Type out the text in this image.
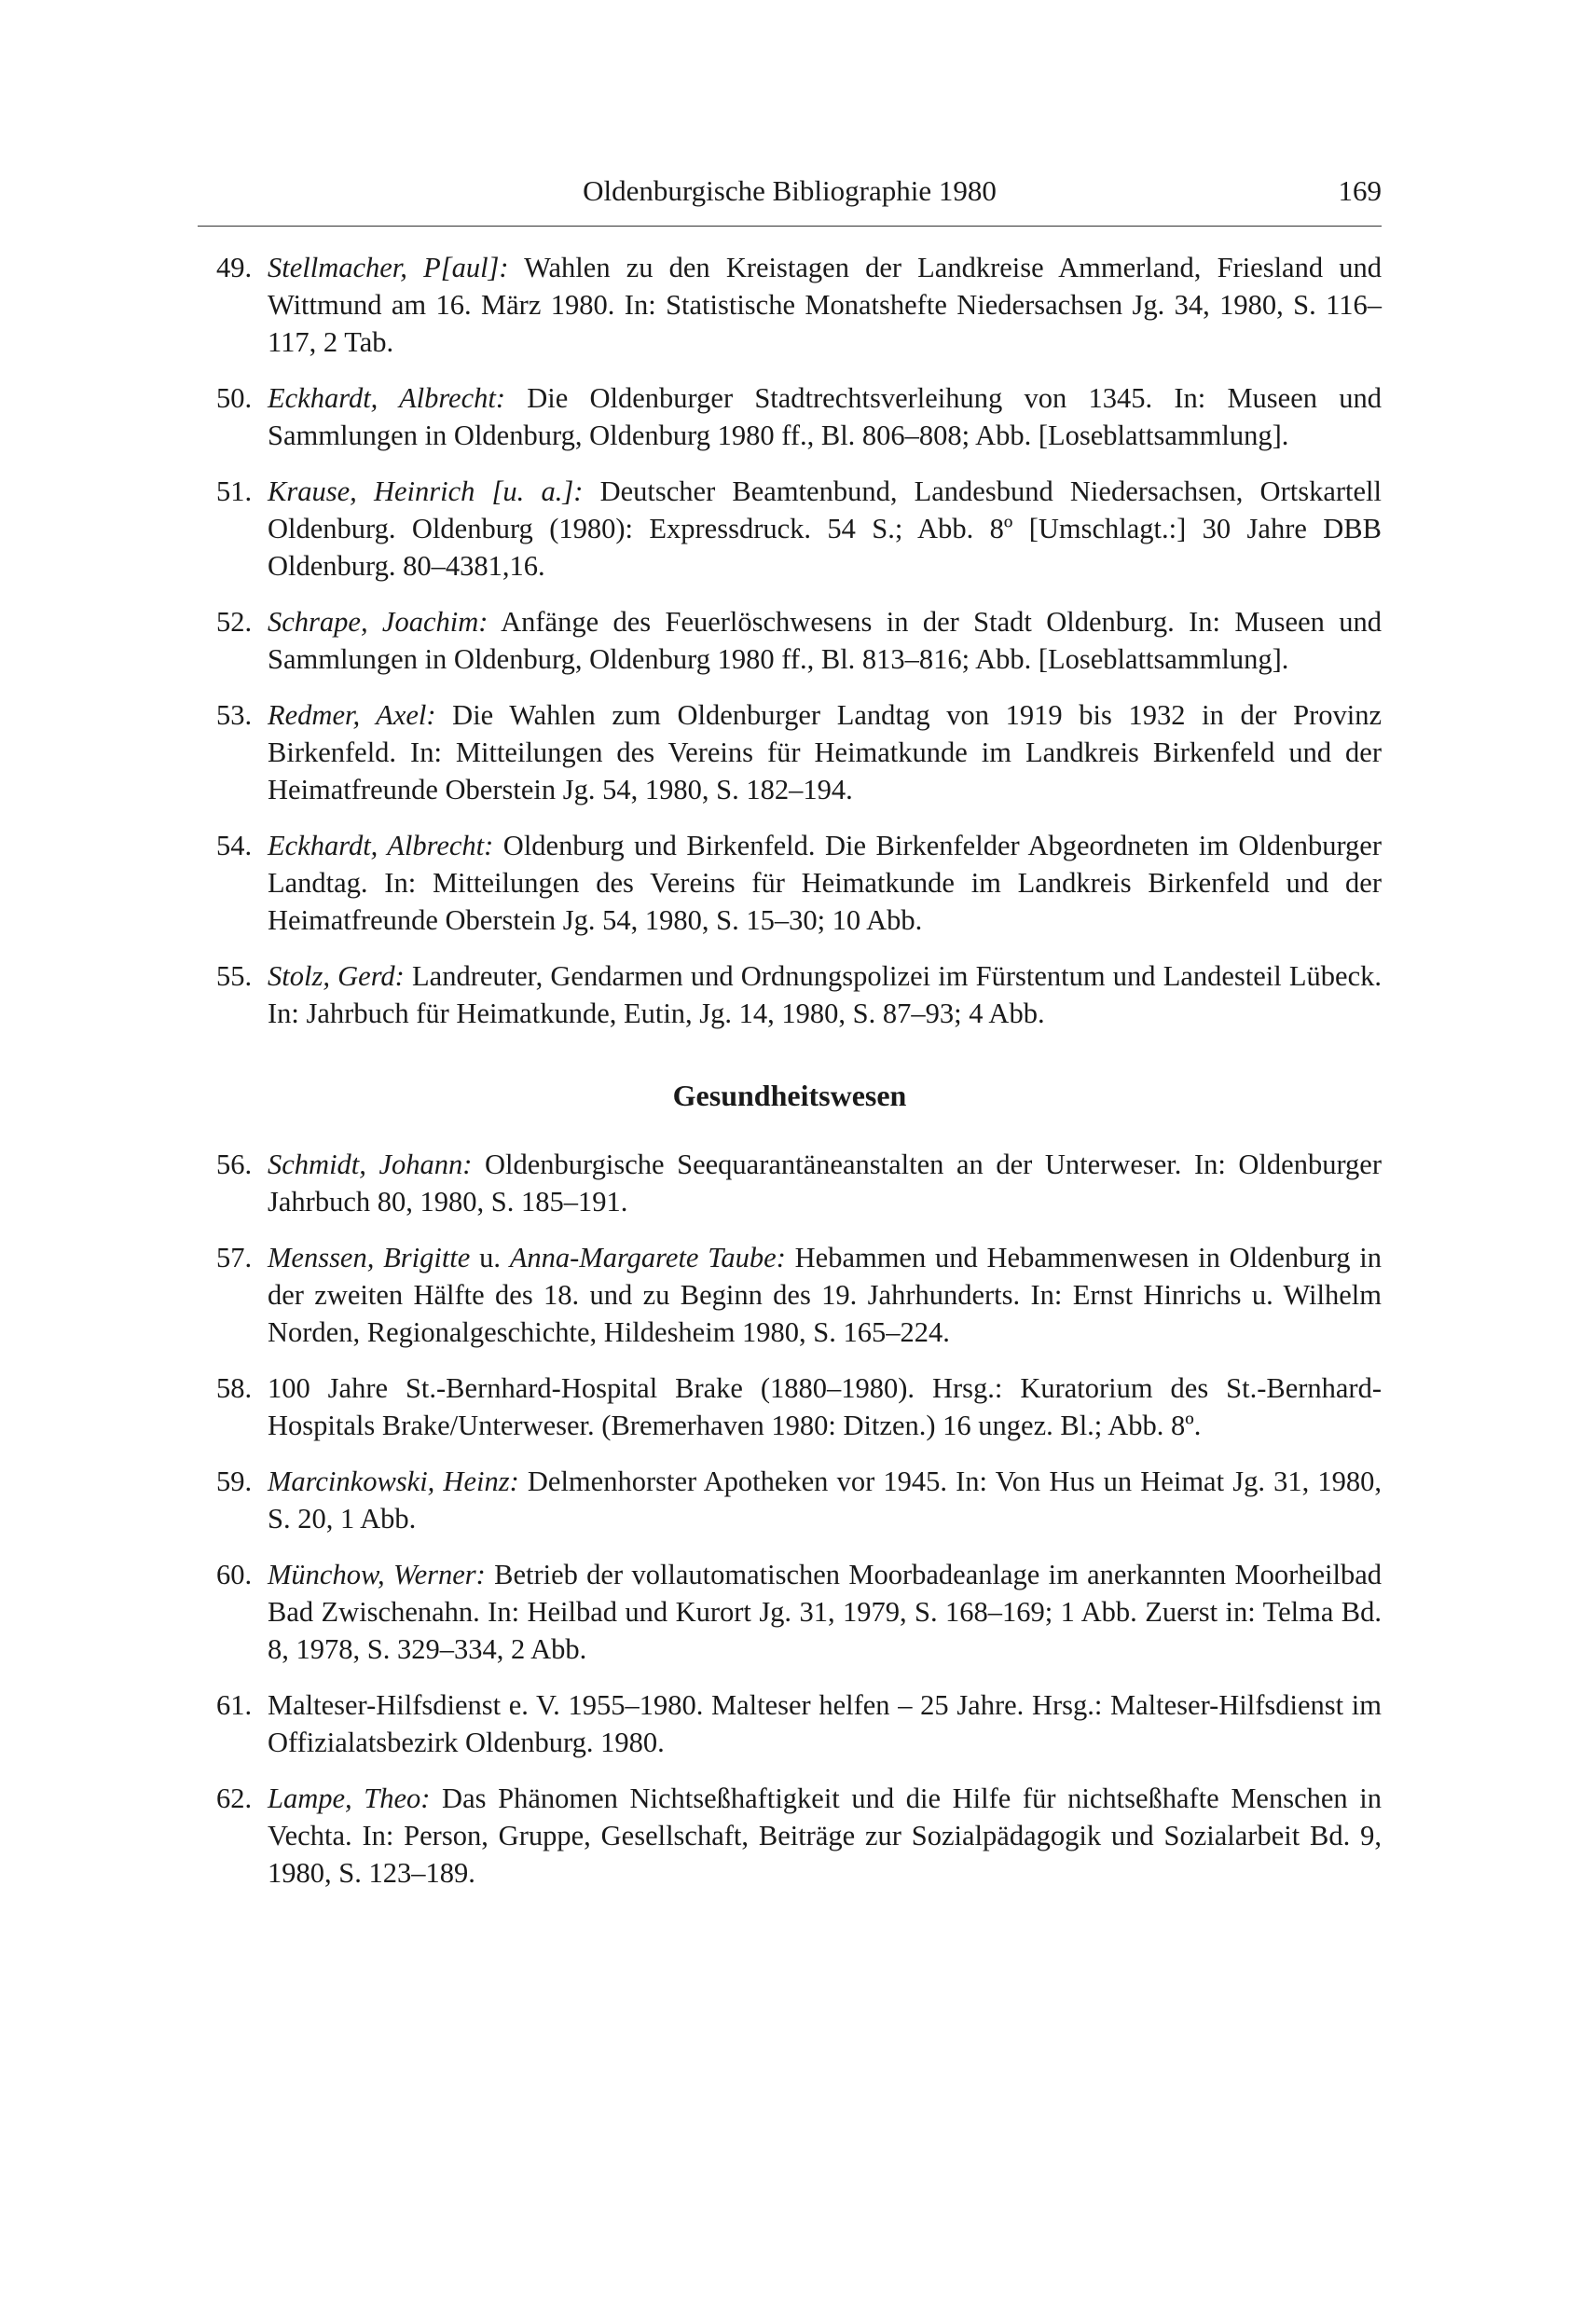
Oldenburgische Bibliographie 1980	169
49. Stellmacher, P[aul]: Wahlen zu den Kreistagen der Landkreise Ammerland, Friesland und Wittmund am 16. März 1980. In: Statistische Monatshefte Niedersachsen Jg. 34, 1980, S. 116–117, 2 Tab.
50. Eckhardt, Albrecht: Die Oldenburger Stadtrechtsverleihung von 1345. In: Museen und Sammlungen in Oldenburg, Oldenburg 1980 ff., Bl. 806–808; Abb. [Loseblattsammlung].
51. Krause, Heinrich [u. a.]: Deutscher Beamtenbund, Landesbund Niedersachsen, Ortskartell Oldenburg. Oldenburg (1980): Expressdruck. 54 S.; Abb. 8º [Umschlagt.:] 30 Jahre DBB Oldenburg. 80–4381,16.
52. Schrape, Joachim: Anfänge des Feuerlöschwesens in der Stadt Oldenburg. In: Museen und Sammlungen in Oldenburg, Oldenburg 1980 ff., Bl. 813–816; Abb. [Loseblattsammlung].
53. Redmer, Axel: Die Wahlen zum Oldenburger Landtag von 1919 bis 1932 in der Provinz Birkenfeld. In: Mitteilungen des Vereins für Heimatkunde im Landkreis Birkenfeld und der Heimatfreunde Oberstein Jg. 54, 1980, S. 182–194.
54. Eckhardt, Albrecht: Oldenburg und Birkenfeld. Die Birkenfelder Abgeordneten im Oldenburger Landtag. In: Mitteilungen des Vereins für Heimatkunde im Landkreis Birkenfeld und der Heimatfreunde Oberstein Jg. 54, 1980, S. 15–30; 10 Abb.
55. Stolz, Gerd: Landreuter, Gendarmen und Ordnungspolizei im Fürstentum und Landesteil Lübeck. In: Jahrbuch für Heimatkunde, Eutin, Jg. 14, 1980, S. 87–93; 4 Abb.
Gesundheitswesen
56. Schmidt, Johann: Oldenburgische Seequarantäneanstalten an der Unterweser. In: Oldenburger Jahrbuch 80, 1980, S. 185–191.
57. Menssen, Brigitte u. Anna-Margarete Taube: Hebammen und Hebammenwesen in Oldenburg in der zweiten Hälfte des 18. und zu Beginn des 19. Jahrhunderts. In: Ernst Hinrichs u. Wilhelm Norden, Regionalgeschichte, Hildesheim 1980, S. 165–224.
58. 100 Jahre St.-Bernhard-Hospital Brake (1880–1980). Hrsg.: Kuratorium des St.-Bernhard-Hospitals Brake/Unterweser. (Bremerhaven 1980: Ditzen.) 16 ungez. Bl.; Abb. 8º.
59. Marcinkowski, Heinz: Delmenhorster Apotheken vor 1945. In: Von Hus un Heimat Jg. 31, 1980, S. 20, 1 Abb.
60. Münchow, Werner: Betrieb der vollautomatischen Moorbadeanlage im anerkannten Moorheilbad Bad Zwischenahn. In: Heilbad und Kurort Jg. 31, 1979, S. 168–169; 1 Abb. Zuerst in: Telma Bd. 8, 1978, S. 329–334, 2 Abb.
61. Malteser-Hilfsdienst e. V. 1955–1980. Malteser helfen – 25 Jahre. Hrsg.: Malteser-Hilfsdienst im Offizialatsbezirk Oldenburg. 1980.
62. Lampe, Theo: Das Phänomen Nichtseßhaftigkeit und die Hilfe für nichtseßhafte Menschen in Vechta. In: Person, Gruppe, Gesellschaft, Beiträge zur Sozialpädagogik und Sozialarbeit Bd. 9, 1980, S. 123–189.
